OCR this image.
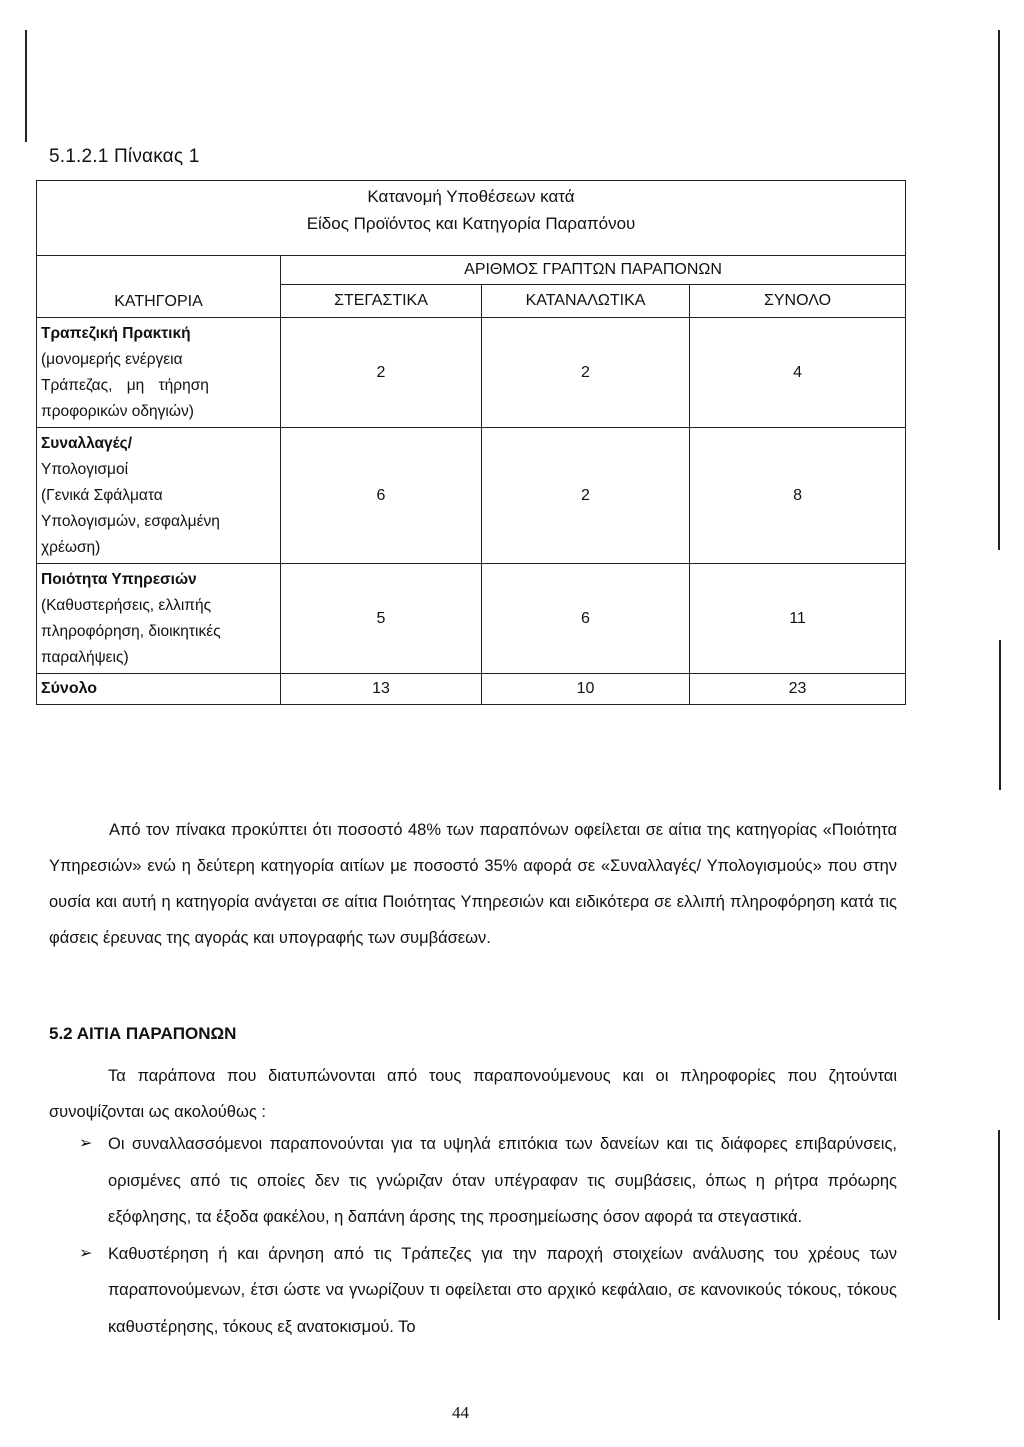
5.1.2.1 Πίνακας 1
Κατανομή Υποθέσεων κατά
Είδος Προϊόντος και Κατηγορία Παραπόνου			

ΚΑΤΗΓΟΡΙΑ	ΑΡΙΘΜΟΣ ΓΡΑΠΤΩΝ ΠΑΡΑΠΟΝΩΝ		
	ΣΤΕΓΑΣΤΙΚΑ	ΚΑΤΑΝΑΛΩΤΙΚΑ	ΣΥΝΟΛΟ

Τραπεζική Πρακτική
(μονομερής ενέργεια
Τράπεζας, μη τήρηση
προφορικών οδηγιών)	2	2	4

Συναλλαγές/
Υπολογισμοί
(Γενικά Σφάλματα
Υπολογισμών, εσφαλμένη
χρέωση)	6	2	8

Ποιότητα Υπηρεσιών
(Καθυστερήσεις, ελλιπής
πληροφόρηση, διοικητικές
παραλήψεις)	5	6	11
Σύνολο	13	10	23
Από τον πίνακα προκύπτει ότι ποσοστό 48% των παραπόνων οφείλεται σε αίτια της κατηγορίας «Ποιότητα Υπηρεσιών» ενώ η δεύτερη κατηγορία αιτίων με ποσοστό 35% αφορά σε «Συναλλαγές/ Υπολογισμούς» που στην ουσία και αυτή η κατηγορία ανάγεται σε αίτια Ποιότητας Υπηρεσιών και ειδικότερα σε ελλιπή πληροφόρηση κατά τις φάσεις έρευνας της αγοράς και υπογραφής των συμβάσεων.
5.2 ΑΙΤΙΑ ΠΑΡΑΠΟΝΩΝ
Τα παράπονα που διατυπώνονται από τους παραπονούμενους και οι πληροφορίες που ζητούνται συνοψίζονται ως ακολούθως :
➢ Οι συναλλασσόμενοι παραπονούνται για τα υψηλά επιτόκια των δανείων και τις διάφορες επιβαρύνσεις, ορισμένες από τις οποίες δεν τις γνώριζαν όταν υπέγραφαν τις συμβάσεις, όπως η ρήτρα πρόωρης εξόφλησης, τα έξοδα φακέλου, η δαπάνη άρσης της προσημείωσης όσον αφορά τα στεγαστικά.
➢ Καθυστέρηση ή και άρνηση από τις Τράπεζες για την παροχή στοιχείων ανάλυσης του χρέους των παραπονούμενων, έτσι ώστε να γνωρίζουν τι οφείλεται στο αρχικό κεφάλαιο, σε κανονικούς τόκους, τόκους καθυστέρησης, τόκους εξ ανατοκισμού. Το
44
